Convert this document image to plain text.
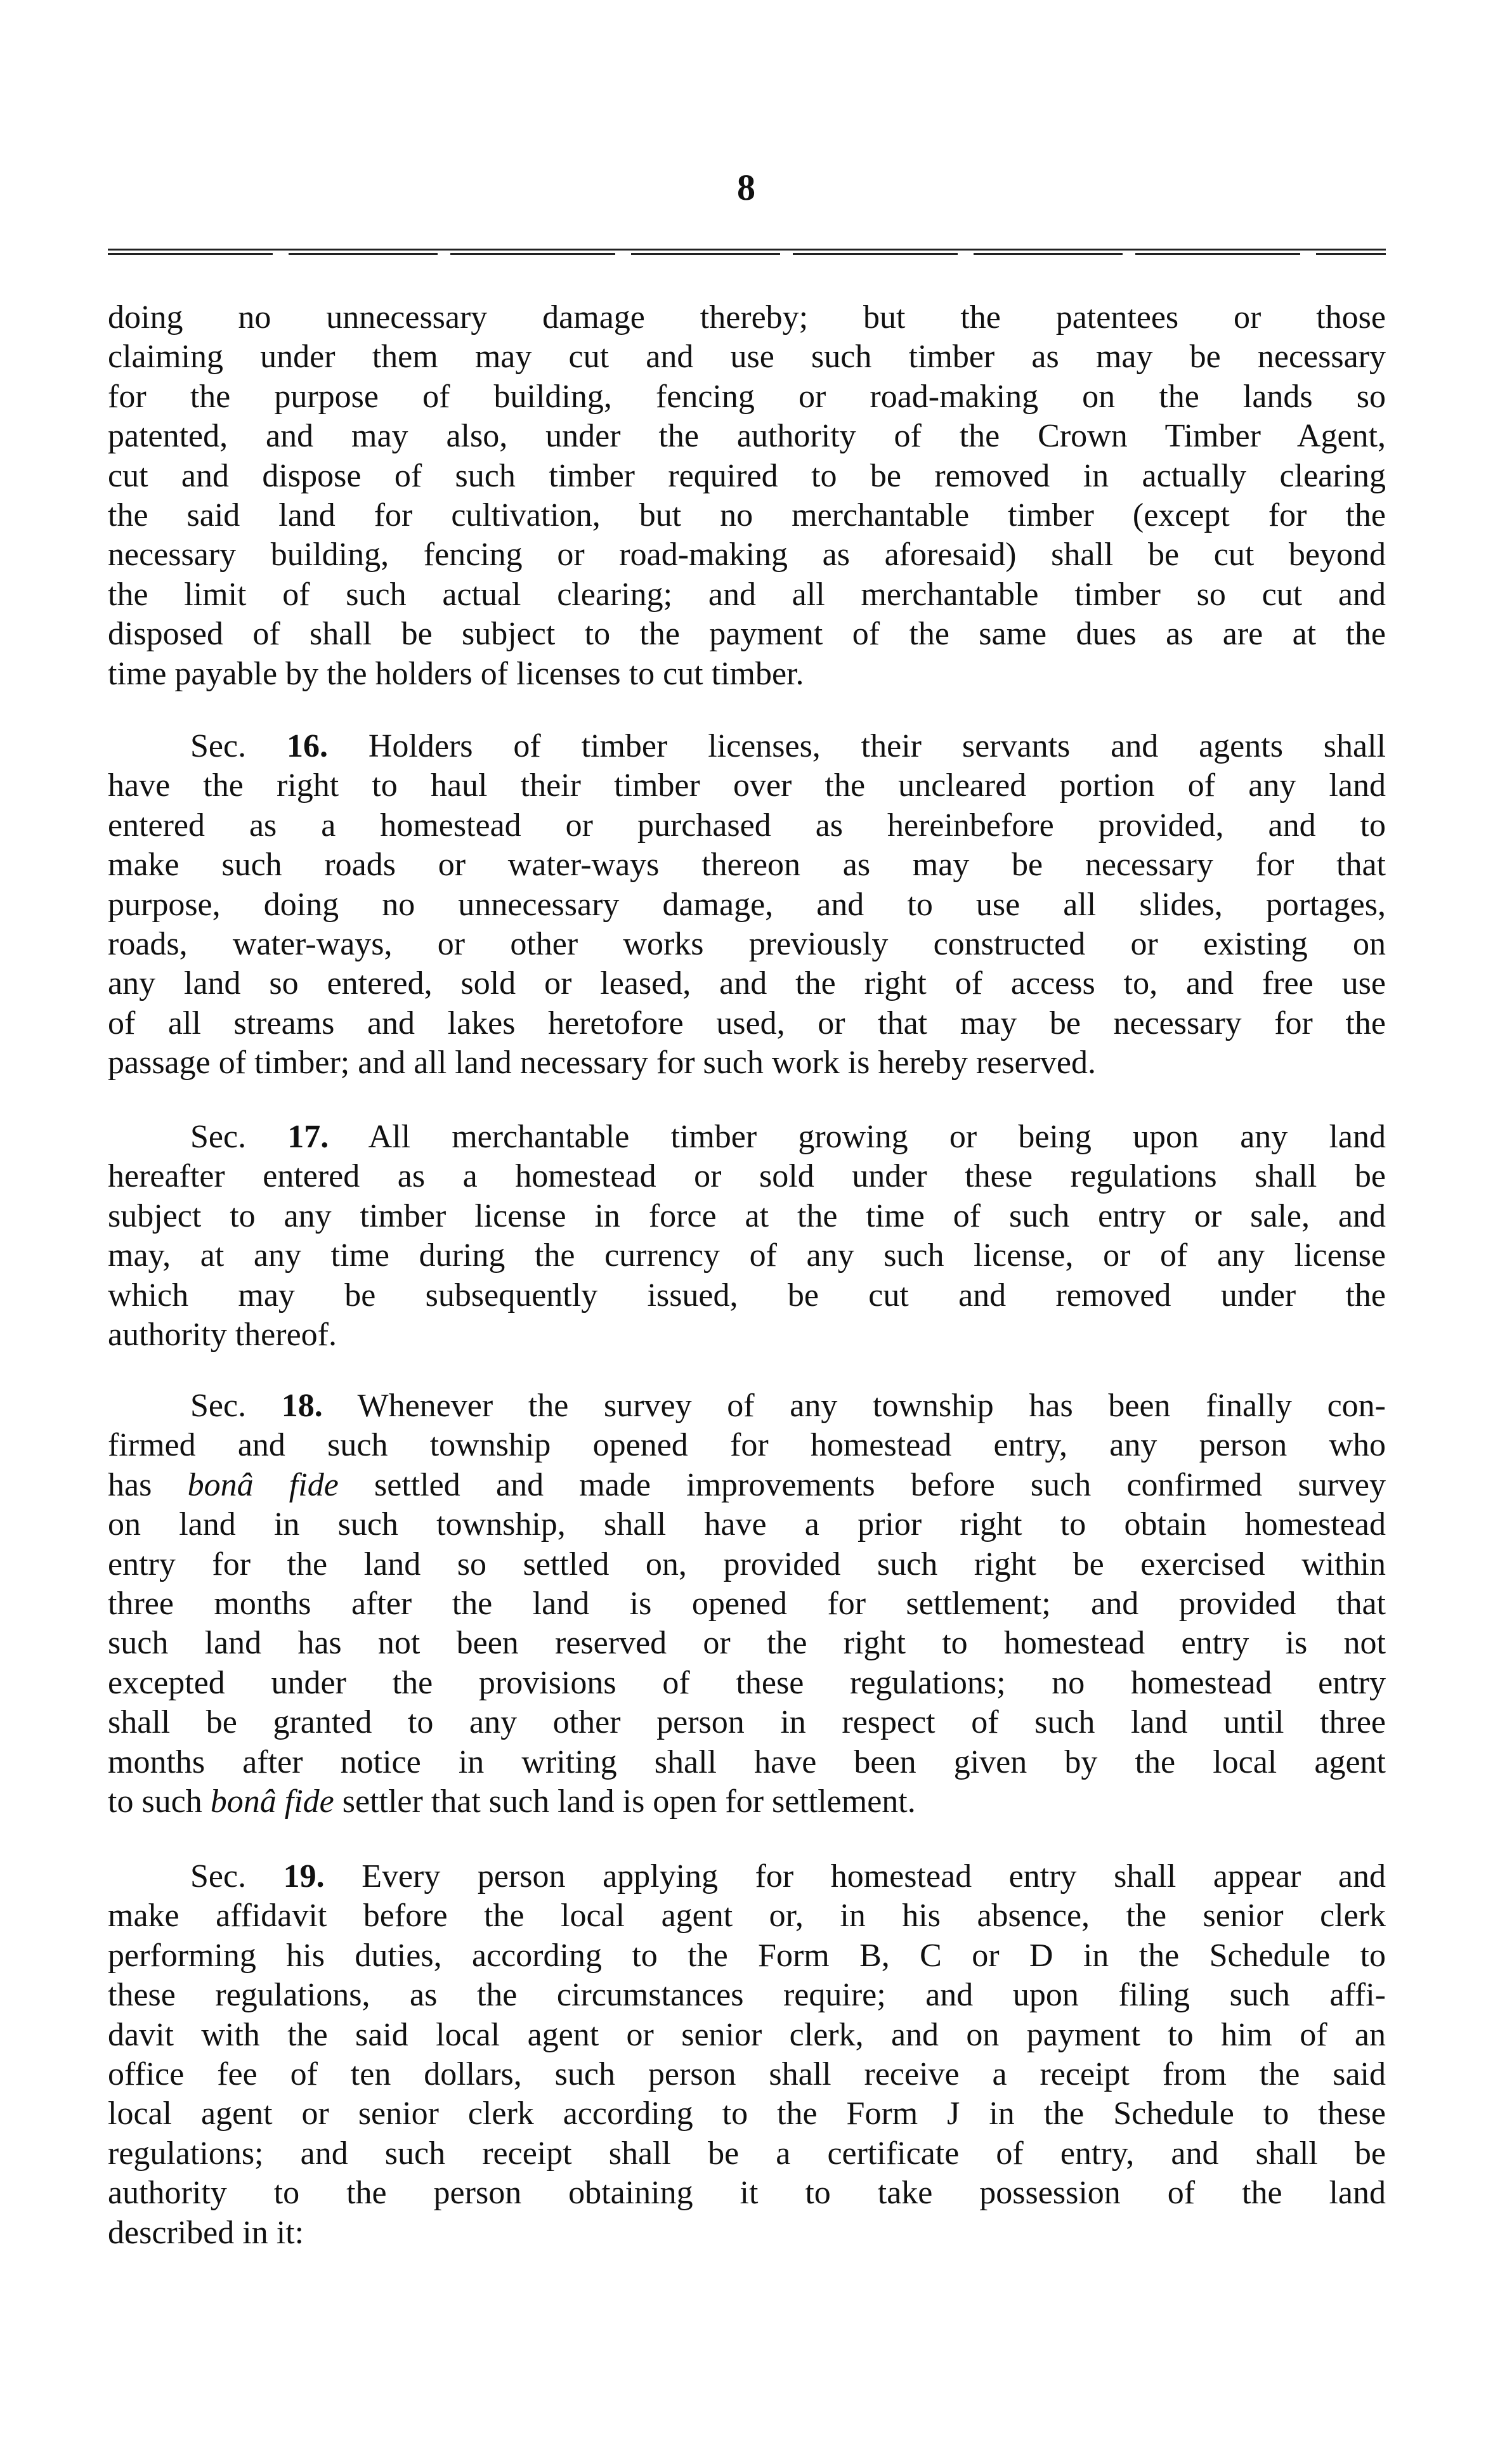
8
doing no unnecessary damage thereby; but the patentees or those
claiming under them may cut and use such timber as may be necessary
for the purpose of building, fencing or road-making on the lands so
patented, and may also, under the authority of the Crown Timber Agent,
cut and dispose of such timber required to be removed in actually clearing
the said land for cultivation, but no merchantable timber (except for the
necessary building, fencing or road-making as aforesaid) shall be cut beyond
the limit of such actual clearing; and all merchantable timber so cut and
disposed of shall be subject to the payment of the same dues as are at the
time payable by the holders of licenses to cut timber.
Sec. 16. Holders of timber licenses, their servants and agents shall
have the right to haul their timber over the uncleared portion of any land
entered as a homestead or purchased as hereinbefore provided, and to
make such roads or water-ways thereon as may be necessary for that
purpose, doing no unnecessary damage, and to use all slides, portages,
roads, water-ways, or other works previously constructed or existing on
any land so entered, sold or leased, and the right of access to, and free use
of all streams and lakes heretofore used, or that may be necessary for the
passage of timber; and all land necessary for such work is hereby reserved.
Sec. 17. All merchantable timber growing or being upon any land
hereafter entered as a homestead or sold under these regulations shall be
subject to any timber license in force at the time of such entry or sale, and
may, at any time during the currency of any such license, or of any license
which may be subsequently issued, be cut and removed under the
authority thereof.
Sec. 18. Whenever the survey of any township has been finally con-
firmed and such township opened for homestead entry, any person who
has bonâ fide settled and made improvements before such confirmed survey
on land in such township, shall have a prior right to obtain homestead
entry for the land so settled on, provided such right be exercised within
three months after the land is opened for settlement; and provided that
such land has not been reserved or the right to homestead entry is not
excepted under the provisions of these regulations; no homestead entry
shall be granted to any other person in respect of such land until three
months after notice in writing shall have been given by the local agent
to such bonâ fide settler that such land is open for settlement.
Sec. 19. Every person applying for homestead entry shall appear and
make affidavit before the local agent or, in his absence, the senior clerk
performing his duties, according to the Form B, C or D in the Schedule to
these regulations, as the circumstances require; and upon filing such affi-
davit with the said local agent or senior clerk, and on payment to him of an
office fee of ten dollars, such person shall receive a receipt from the said
local agent or senior clerk according to the Form J in the Schedule to these
regulations; and such receipt shall be a certificate of entry, and shall be
authority to the person obtaining it to take possession of the land
described in it:
